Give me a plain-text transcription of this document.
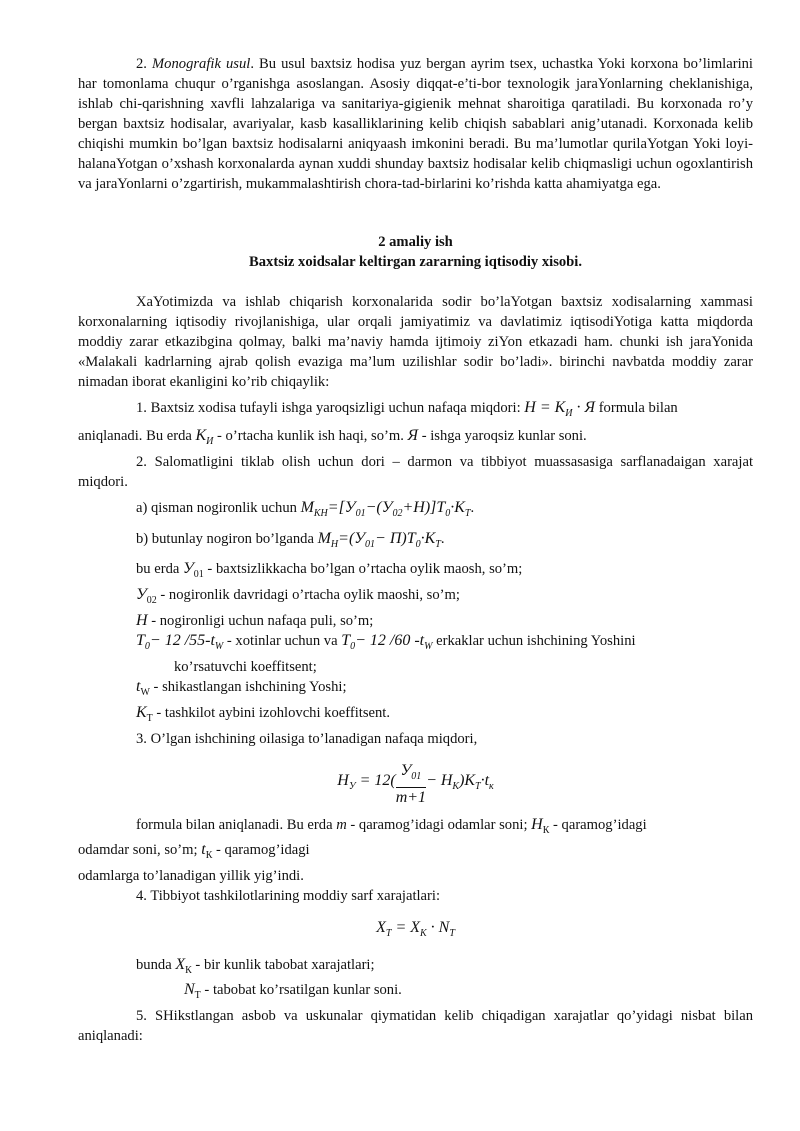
2. Monografik usul. Bu usul baxtsiz hodisa yuz bergan ayrim tsex, uchastka Yoki korxona bo’limlarini har tomonlama chuqur o’rganishga asoslangan. Asosiy diqqat-e’ti-bor texnologik jaraYonlarning cheklanishiga, ishlab chi-qarishning xavfli lahzalariga va sanitariya-gigienik mehnat sharoitiga qaratiladi. Bu korxonada ro’y bergan baxtsiz hodisalar, avariyalar, kasb kasalliklarining kelib chiqish sabablari anig’utanadi. Korxonada kelib chiqishi mumkin bo’lgan baxtsiz hodisalarni aniqyaash imkonini beradi. Bu ma’lumotlar qurilaYotgan Yoki loyi-halanaYotgan o’xshash korxonalarda aynan xuddi shunday baxtsiz hodisalar kelib chiqmasligi uchun ogoxlantirish va jaraYonlarni o’zgartirish, mukammalashtirish chora-tad-birlarini ko’rishda katta ahamiyatga ega.

2 amaliy ish

Baxtsiz xoidsalar keltirgan zararning iqtisodiy xisobi.

XaYotimizda va ishlab chiqarish korxonalarida sodir bo’laYotgan baxtsiz xodisalarning xammasi korxonalarning iqtisodiy rivojlanishiga, ular orqali jamiyatimiz va davlatimiz iqtisodiYotiga katta miqdorda moddiy zarar etkazibgina qolmay, balki ma’naviy hamda ijtimoiy ziYon etkazadi ham. chunki ish jaraYonida «Malakali kadrlarning ajrab qolish evaziga ma’lum uzilishlar sodir bo’ladi». birinchi navbatda moddiy zarar nimadan iborat ekanligini ko’rib chiqaylik:

1. Baxtsiz xodisa tufayli ishga yaroqsizligi uchun nafaqa miqdori: $Н = К_И \cdot Я$ formula bilan

aniqlanadi. Bu erda $К_И$ - o’rtacha kunlik ish haqi, so’m. Я - ishga yaroqsiz kunlar soni.

2. Salomatligini tiklab olish uchun dori – darmon va tibbiyot muassasasiga sarflanadaigan xarajat miqdori.

a) qisman nogironlik uchun $М_{КН}=[У_{01}-(У_{02}+Н)]Т_0\cdot К_Т$.

b) butunlay nogiron bo’lganda $М_Н=(У_{01}- П)Т_0\cdot К_Т$.

bu erda $У_{01}$ - baxtsizlikkacha bo’lgan o’rtacha oylik maosh, so’m;

$У_{02}$ - nogironlik davridagi o’rtacha oylik maoshi, so’m;

Н - nogironligi uchun nafaqa puli, so’m;

$Т_0- 12$ $/55-t_W$ - xotinlar uchun va $Т_0- 12$ /60 $-t_W$ erkaklar uchun ishchining Yoshini

ko’rsatuvchi koeffitsent;

$t_W$ - shikastlangan ishchining Yoshi;

$К_Т$ - tashkilot aybini izohlovchi koeffitsent.

3. O’lgan ishchining oilasiga to’lanadigan nafaqa miqdori,

$Н_У = 12$(
$У_{01}$
m+1
− $Н_К)К_Т\cdot t_к$

formula bilan aniqlanadi. Bu erda m - qaramog’idagi odamlar soni; $Н_К$ - qaramog’idagi

odamdar soni, so’m; $t_К$ - qaramog’idagi

odamlarga to’lanadigan yillik yig’indi.

4. Tibbiyot tashkilotlarining moddiy sarf xarajatlari:

$Х_Т = Х_К \cdot N_Т$

bunda $Х_К$ - bir kunlik tabobat xarajatlari;

$N_Т$ - tabobat ko’rsatilgan kunlar soni.

5. SHikstlangan asbob va uskunalar qiymatidan kelib chiqadigan xarajatlar qo’yidagi nisbat bilan aniqlanadi:
